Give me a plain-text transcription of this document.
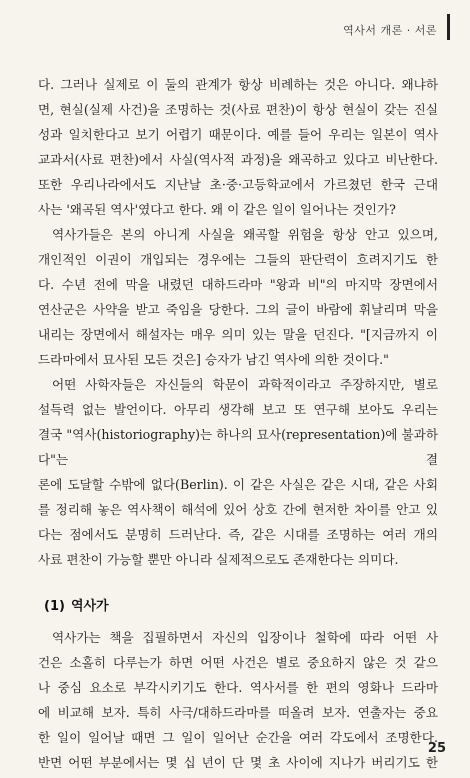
역사서 개론 · 서론

다. 그러나 실제로 이 둘의 관계가 항상 비례하는 것은 아니다. 왜냐하
면, 현실(실제 사건)을 조명하는 것(사료 편찬)이 항상 현실이 갖는 진실
성과 일치한다고 보기 어렵기 때문이다. 예를 들어 우리는 일본이 역사
교과서(사료 편찬)에서 사실(역사적 과정)을 왜곡하고 있다고 비난한다.
또한 우리나라에서도 지난날 초·중·고등학교에서 가르쳤던 한국 근대
사는 '왜곡된 역사'였다고 한다. 왜 이 같은 일이 일어나는 것인가?

역사가들은 본의 아니게 사실을 왜곡할 위험을 항상 안고 있으며,
개인적인 이권이 개입되는 경우에는 그들의 판단력이 흐려지기도 한
다. 수년 전에 막을 내렸던 대하드라마 "왕과 비"의 마지막 장면에서
연산군은 사약을 받고 죽임을 당한다. 그의 글이 바람에 휘날리며 막을
내리는 장면에서 해설자는 매우 의미 있는 말을 던진다. "[지금까지 이
드라마에서 묘사된 모든 것은] 승자가 남긴 역사에 의한 것이다."

어떤 사학자들은 자신들의 학문이 과학적이라고 주장하지만, 별로
설득력 없는 발언이다. 아무리 생각해 보고 또 연구해 보아도 우리는
결국 "역사(historiography)는 하나의 묘사(representation)에 불과하다"는 결
론에 도달할 수밖에 없다(Berlin). 이 같은 사실은 같은 시대, 같은 사회
를 정리해 놓은 역사책이 해석에 있어 상호 간에 현저한 차이를 안고 있
다는 점에서도 분명히 드러난다. 즉, 같은 시대를 조명하는 여러 개의
사료 편찬이 가능할 뿐만 아니라 실제적으로도 존재한다는 의미다.

(1) 역사가

역사가는 책을 집필하면서 자신의 입장이나 철학에 따라 어떤 사
건은 소홀히 다루는가 하면 어떤 사건은 별로 중요하지 않은 것 같으
나 중심 요소로 부각시키기도 한다. 역사서를 한 편의 영화나 드라마
에 비교해 보자. 특히 사극/대하드라마를 떠올려 보자. 연출자는 중요
한 일이 일어날 때면 그 일이 일어난 순간을 여러 각도에서 조명한다.
반면 어떤 부분에서는 몇 십 년이 단 몇 초 사이에 지나가 버리기도 한

25
